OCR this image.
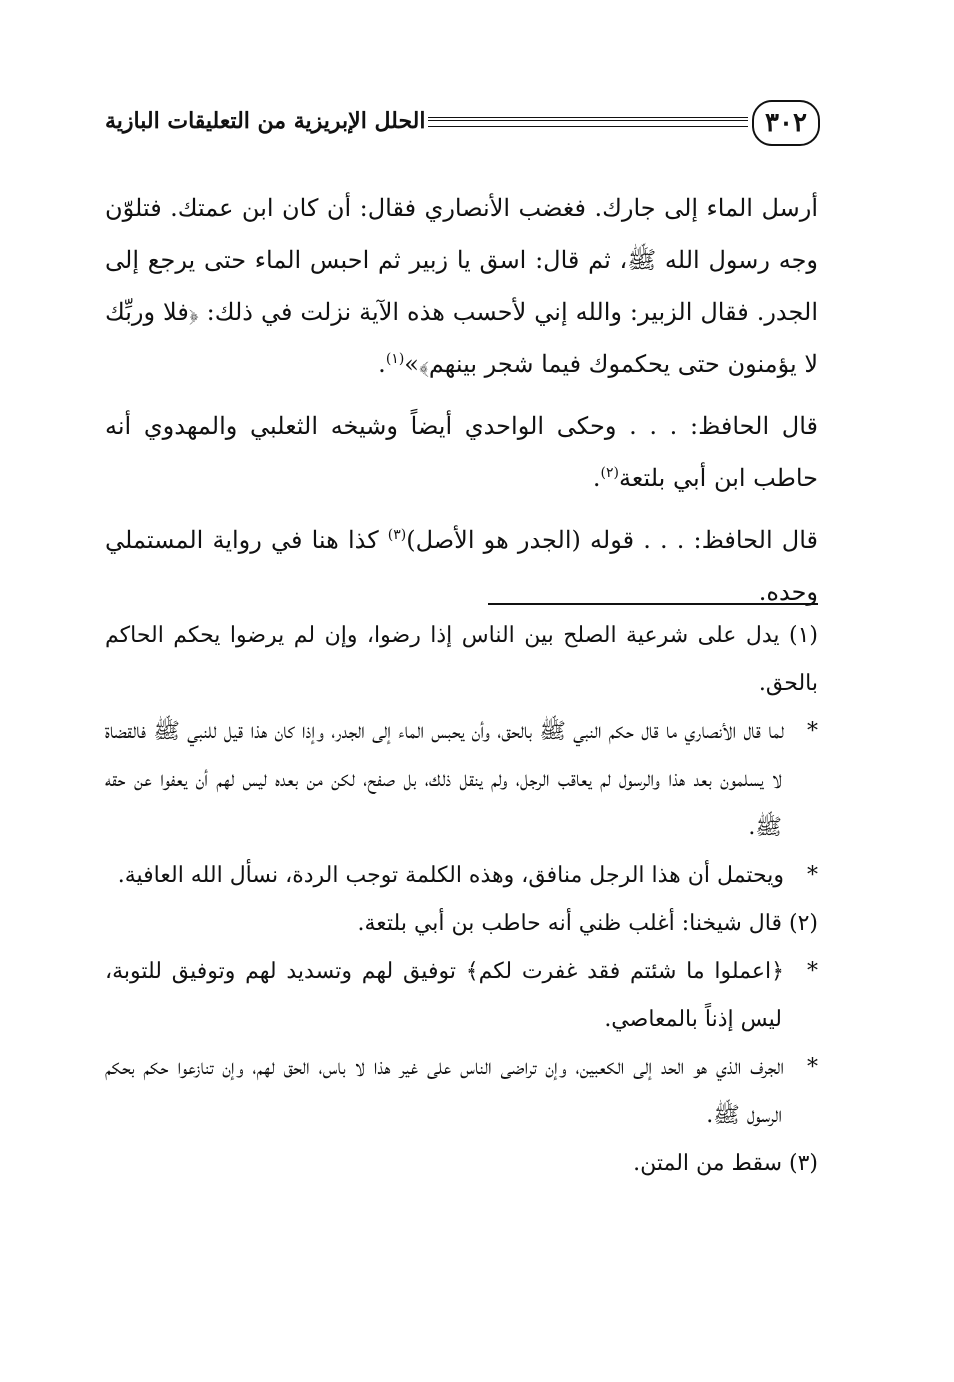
٣٠٢
الحلل الإبريزية من التعليقات البازية

أرسل الماء إلى جارك. فغضب الأنصاري فقال: أن كان ابن عمتك. فتلوّن وجه رسول الله ﷺ، ثم قال: اسق يا زبير ثم احبس الماء حتى يرجع إلى الجدر. فقال الزبير: والله إني لأحسب هذه الآية نزلت في ذلك: ﴿فلا وربِّك لا يؤمنون حتى يحكموك فيما شجر بينهم﴾»$^{(١)}$.

قال الحافظ: . . . وحكى الواحدي أيضاً وشيخه الثعلبي والمهدوي أنه حاطب ابن أبي بلتعة$^{(٢)}$.

قال الحافظ: . . . قوله (الجدر هو الأصل)$^{(٣)}$ كذا هنا في رواية المستملي وحده.

(١) يدل على شرعية الصلح بين الناس إذا رضوا، وإن لم يرضوا يحكم الحاكم بالحق.

*لما قال الأنصاري ما قال حكم النبي ﷺ بالحق، وأن يحبس الماء إلى الجدر، وإذا كان هذا قيل للنبي ﷺ فالقضاة لا يسلمون بعد هذا والرسول لم يعاقب الرجل، ولم ينقل ذلك، بل صفح، لكن من بعده ليس لهم أن يعفوا عن حقه ﷺ.

*ويحتمل أن هذا الرجل منافق، وهذه الكلمة توجب الردة، نسأل الله العافية.

(٢) قال شيخنا: أغلب ظني أنه حاطب بن أبي بلتعة.

*﴿اعملوا ما شئتم فقد غفرت لكم﴾ توفيق لهم وتسديد لهم وتوفيق للتوبة، ليس إذناً بالمعاصي.

*الجرف الذي هو الحد إلى الكعبين، وإن تراضى الناس على غير هذا لا باس، الحق لهم، وإن تنازعوا حكم بحكم الرسول ﷺ.

(٣) سقط من المتن.
